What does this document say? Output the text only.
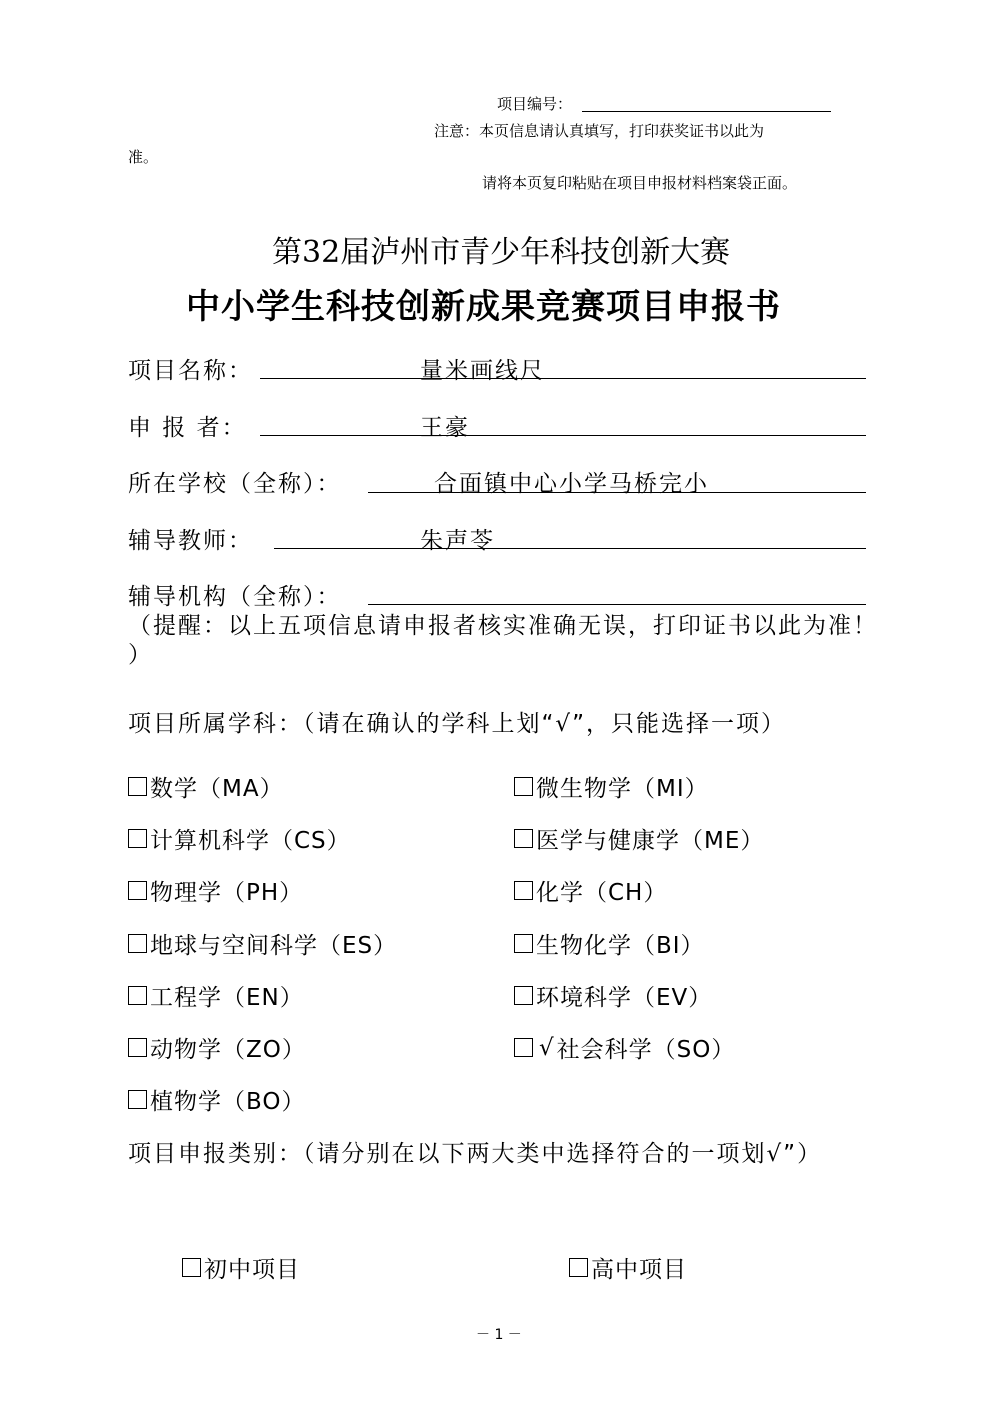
项目编号：
注意：本页信息请认真填写，打印获奖证书以此为
准。
请将本页复印粘贴在项目申报材料档案袋正面。
第32届泸州市青少年科技创新大赛
中小学生科技创新成果竞赛项目申报书
项目名称：	量米画线尺
申 报 者：	王豪
所在学校（全称）：	合面镇中心小学马桥完小
辅导教师：	朱声苓
辅导机构（全称）：
（提醒：以上五项信息请申报者核实准确无误，打印证书以此为准！
）
项目所属学科：（请在确认的学科上划“√”，只能选择一项）
数学（MA）	微生物学（MI）
计算机科学（CS）	医学与健康学（ME）
物理学（PH）	化学（CH）
地球与空间科学（ES）	生物化学（BI）
工程学（EN）	环境科学（EV）
动物学（ZO）	√ 社会科学（SO）
植物学（BO）
项目申报类别：（请分别在以下两大类中选择符合的一项划√”）
初中项目	高中项目
－ 1 －
